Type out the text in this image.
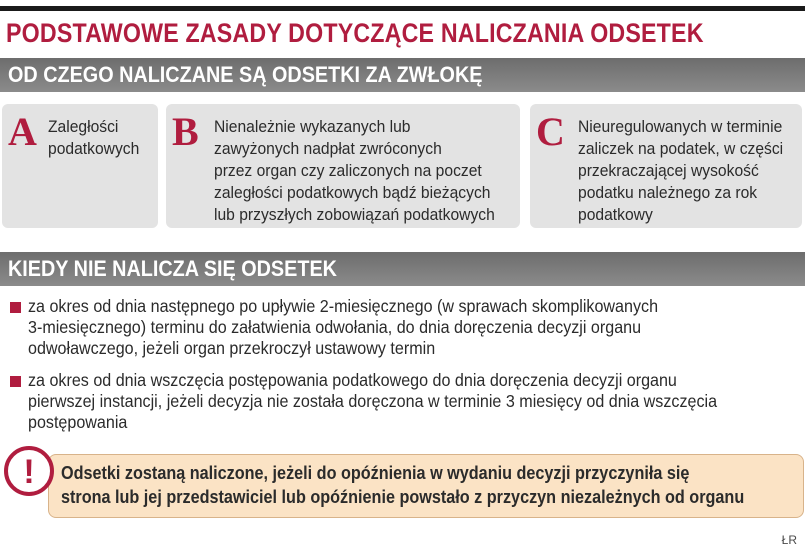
PODSTAWOWE ZASADY DOTYCZĄCE NALICZANIA ODSETEK
OD CZEGO NALICZANE SĄ ODSETKI ZA ZWŁOKĘ
A Zaległości
podatkowych B Nienależnie wykazanych lub
zawyżonych nadpłat zwróconych
przez organ czy zaliczonych na poczet
zaległości podatkowych bądź bieżących
lub przyszłych zobowiązań podatkowych
C Nieuregulowanych w terminie
zaliczek na podatek, w części
przekraczającej wysokość
podatku należnego za rok
podatkowy
KIEDY NIE NALICZA SIĘ ODSETEK
za okres od dnia następnego po upływie 2-miesięcznego (w sprawach skomplikowanych
3-miesięcznego) terminu do załatwienia odwołania, do dnia doręczenia decyzji organu
odwoławczego, jeżeli organ przekroczył ustawowy termin
za okres od dnia wszczęcia postępowania podatkowego do dnia doręczenia decyzji organu
pierwszej instancji, jeżeli decyzja nie została doręczona w terminie 3 miesięcy od dnia wszczęcia
postępowania
Odsetki zostaną naliczone, jeżeli do opóźnienia w wydaniu decyzji przyczyniła się
strona lub jej przedstawiciel lub opóźnienie powstało z przyczyn niezależnych od organu
!
ŁR
